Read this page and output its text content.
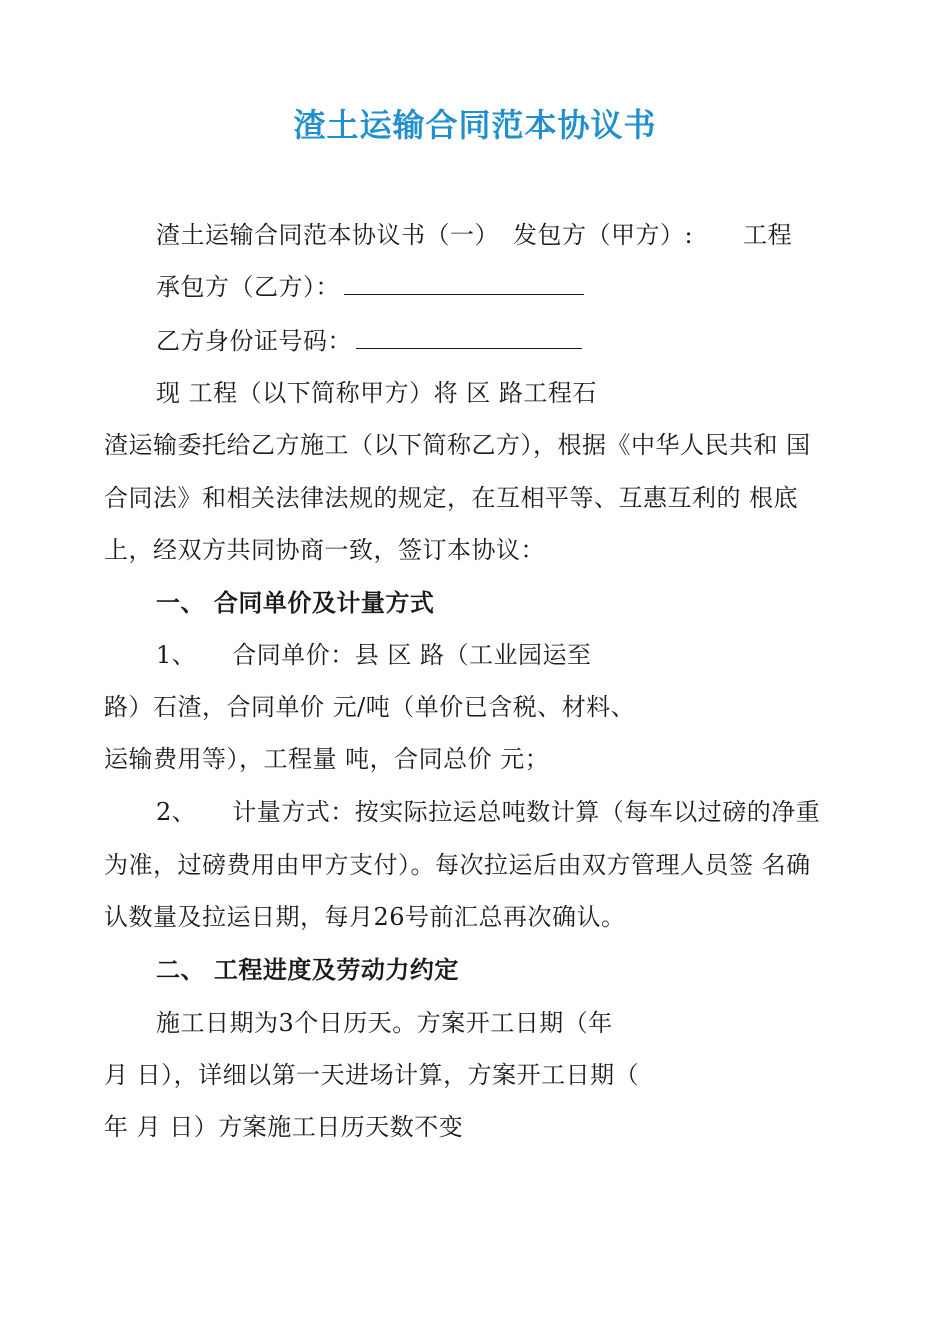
渣土运输合同范本协议书
渣土运输合同范本协议书（一） 发包方（甲方）: 工程
承包方（乙方）：
乙方身份证号码：
现 工程（以下简称甲方）将 区 路工程石
渣运输委托给乙方施工（以下简称乙方），根据《中华人民共和 国
合同法》和相关法律法规的规定，在互相平等、互惠互利的 根底
上，经双方共同协商一致，签订本协议：
一、 合同单价及计量方式
1、 合同单价：县 区 路（工业园运至
路）石渣，合同单价 元/吨（单价已含税、材料、
运输费用等），工程量 吨，合同总价 元；
2、 计量方式：按实际拉运总吨数计算（每车以过磅的净重
为准，过磅费用由甲方支付）。每次拉运后由双方管理人员签 名确
认数量及拉运日期，每月26号前汇总再次确认。
二、 工程进度及劳动力约定
施工日期为3个日历天。方案开工日期（年
月 日），详细以第一天进场计算，方案开工日期（
年 月 日）方案施工日历天数不变
